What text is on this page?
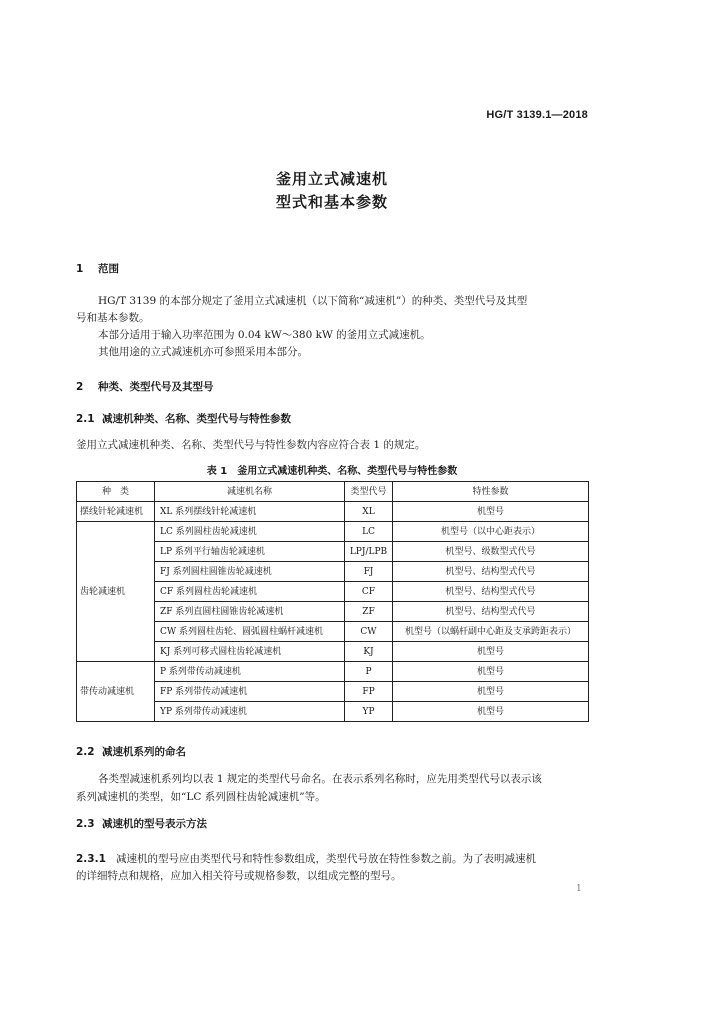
HG/T 3139.1—2018
釜用立式减速机
型式和基本参数
1 范围
HG/T 3139 的本部分规定了釜用立式减速机（以下简称“减速机”）的种类、类型代号及其型
号和基本参数。
本部分适用于输入功率范围为 0.04 kW～380 kW 的釜用立式减速机。
其他用途的立式减速机亦可参照采用本部分。
2 种类、类型代号及其型号
2.1 减速机种类、名称、类型代号与特性参数
釜用立式减速机种类、名称、类型代号与特性参数内容应符合表 1 的规定。
表 1　釜用立式减速机种类、名称、类型代号与特性参数
种　类	减速机名称	类型代号	特性参数
摆线针轮减速机	XL 系列摆线针轮减速机	XL	机型号
齿轮减速机	LC 系列圆柱齿轮减速机	LC	机型号（以中心距表示）
	LP 系列平行轴齿轮减速机	LPJ/LPB	机型号、级数型式代号
	FJ 系列圆柱圆锥齿轮减速机	FJ	机型号、结构型式代号
	CF 系列圆柱齿轮减速机	CF	机型号、结构型式代号
	ZF 系列直圆柱圆锥齿轮减速机	ZF	机型号、结构型式代号
	CW 系列圆柱齿轮、圆弧圆柱蜗杆减速机	CW	机型号（以蜗杆副中心距及支承跨距表示）
	KJ 系列可移式圆柱齿轮减速机	KJ	机型号
带传动减速机	P 系列带传动减速机	P	机型号
	FP 系列带传动减速机	FP	机型号
	YP 系列带传动减速机	YP	机型号
2.2 减速机系列的命名
各类型减速机系列均以表 1 规定的类型代号命名。在表示系列名称时，应先用类型代号以表示该
系列减速机的类型，如“LC 系列圆柱齿轮减速机”等。
2.3 减速机的型号表示方法
2.3.1 减速机的型号应由类型代号和特性参数组成，类型代号放在特性参数之前。为了表明减速机
的详细特点和规格，应加入相关符号或规格参数，以组成完整的型号。
1
